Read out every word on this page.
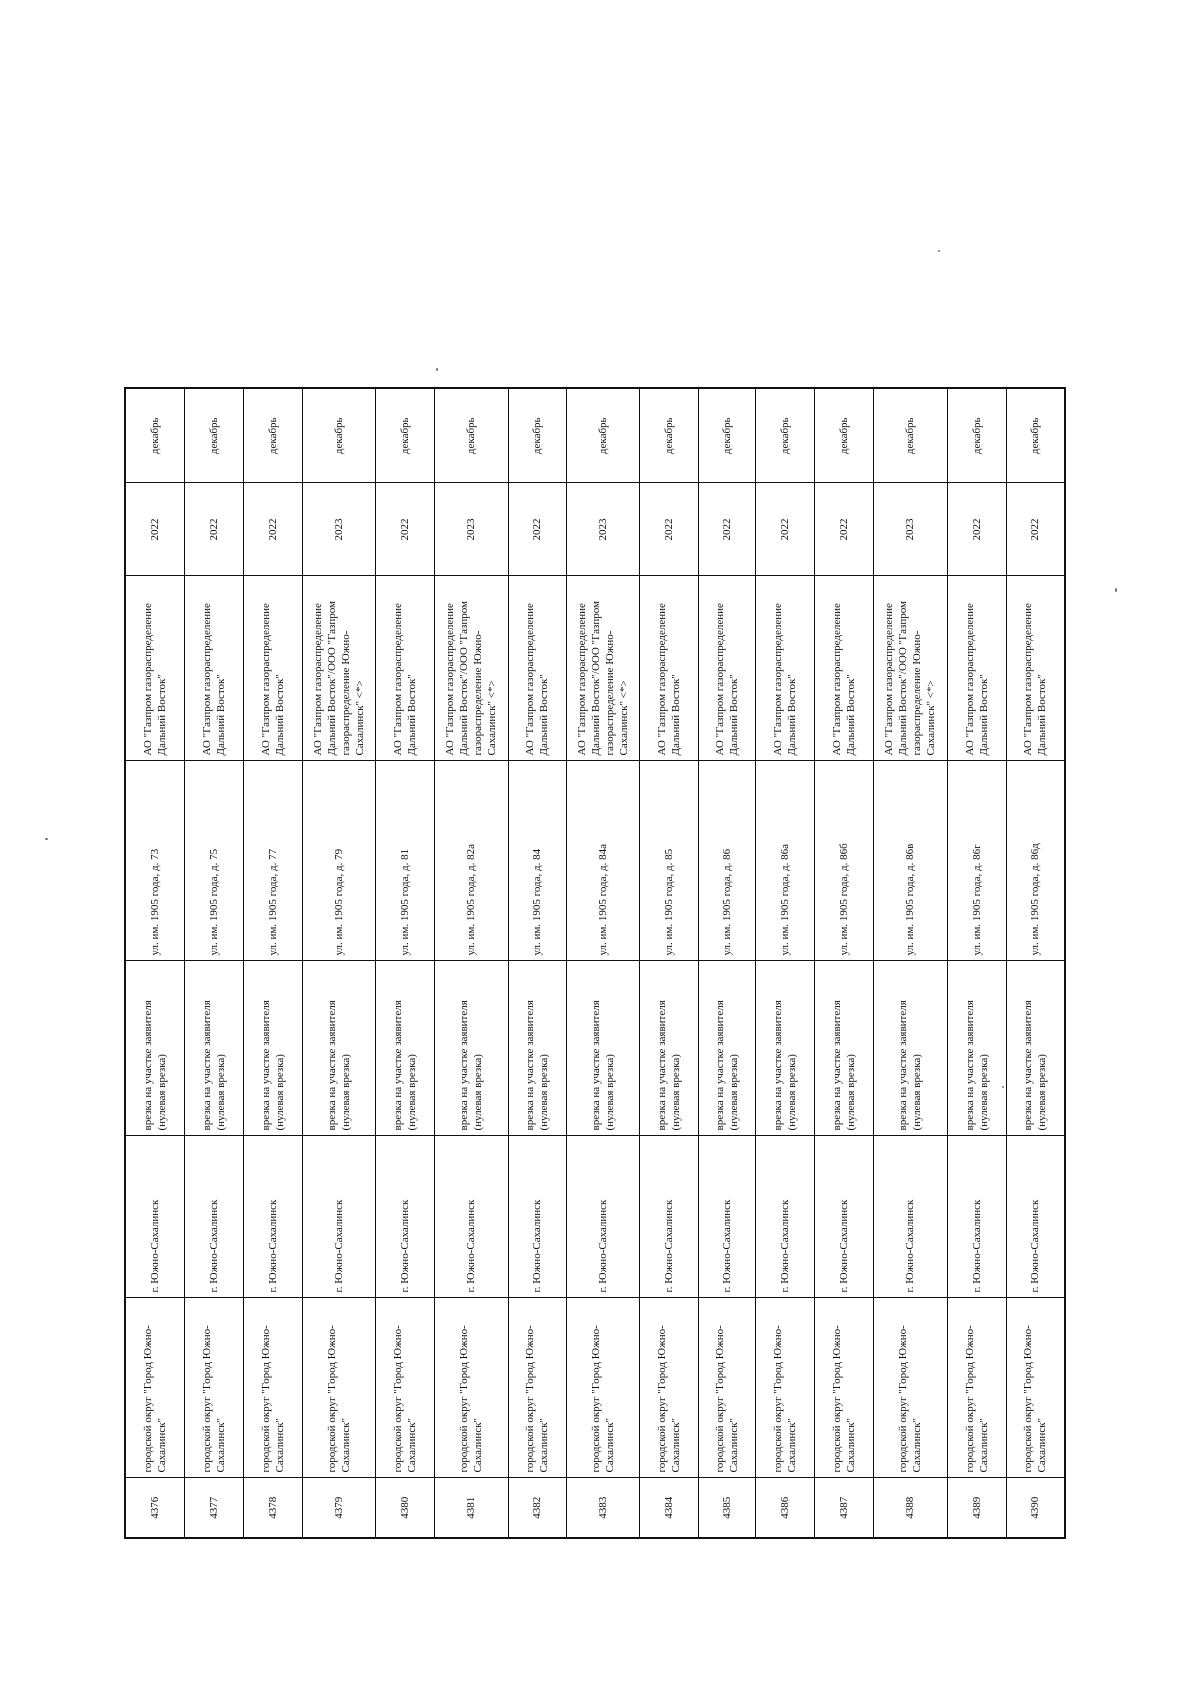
4376	городской округ "Город Южно-Сахалинск"	г. Южно-Сахалинск	врезка на участке заявителя (нулевая врезка)	ул. им. 1905 года, д. 73	АО "Газпром газораспределение Дальний Восток"	2022	декабрь
4377	городской округ "Город Южно-Сахалинск"	г. Южно-Сахалинск	врезка на участке заявителя (нулевая врезка)	ул. им. 1905 года, д. 75	АО "Газпром газораспределение Дальний Восток"	2022	декабрь
4378	городской округ "Город Южно-Сахалинск"	г. Южно-Сахалинск	врезка на участке заявителя (нулевая врезка)	ул. им. 1905 года, д. 77	АО "Газпром газораспределение Дальний Восток"	2022	декабрь
4379	городской округ "Город Южно-Сахалинск"	г. Южно-Сахалинск	врезка на участке заявителя (нулевая врезка)	ул. им. 1905 года, д. 79	АО "Газпром газораспределение Дальний Восток"/ООО "Газпром газораспределение Южно-Сахалинск" <*>	2023	декабрь
4380	городской округ "Город Южно-Сахалинск"	г. Южно-Сахалинск	врезка на участке заявителя (нулевая врезка)	ул. им. 1905 года, д. 81	АО "Газпром газораспределение Дальний Восток"	2022	декабрь
4381	городской округ "Город Южно-Сахалинск"	г. Южно-Сахалинск	врезка на участке заявителя (нулевая врезка)	ул. им. 1905 года, д. 82а	АО "Газпром газораспределение Дальний Восток"/ООО "Газпром газораспределение Южно-Сахалинск" <*>	2023	декабрь
4382	городской округ "Город Южно-Сахалинск"	г. Южно-Сахалинск	врезка на участке заявителя (нулевая врезка)	ул. им. 1905 года, д. 84	АО "Газпром газораспределение Дальний Восток"	2022	декабрь
4383	городской округ "Город Южно-Сахалинск"	г. Южно-Сахалинск	врезка на участке заявителя (нулевая врезка)	ул. им. 1905 года, д. 84а	АО "Газпром газораспределение Дальний Восток"/ООО "Газпром газораспределение Южно-Сахалинск" <*>	2023	декабрь
4384	городской округ "Город Южно-Сахалинск"	г. Южно-Сахалинск	врезка на участке заявителя (нулевая врезка)	ул. им. 1905 года, д. 85	АО "Газпром газораспределение Дальний Восток"	2022	декабрь
4385	городской округ "Город Южно-Сахалинск"	г. Южно-Сахалинск	врезка на участке заявителя (нулевая врезка)	ул. им. 1905 года, д. 86	АО "Газпром газораспределение Дальний Восток"	2022	декабрь
4386	городской округ "Город Южно-Сахалинск"	г. Южно-Сахалинск	врезка на участке заявителя (нулевая врезка)	ул. им. 1905 года, д. 86а	АО "Газпром газораспределение Дальний Восток"	2022	декабрь
4387	городской округ "Город Южно-Сахалинск"	г. Южно-Сахалинск	врезка на участке заявителя (нулевая врезка)	ул. им. 1905 года, д. 86б	АО "Газпром газораспределение Дальний Восток"	2022	декабрь
4388	городской округ "Город Южно-Сахалинск"	г. Южно-Сахалинск	врезка на участке заявителя (нулевая врезка)	ул. им. 1905 года, д. 86в	АО "Газпром газораспределение Дальний Восток"/ООО "Газпром газораспределение Южно-Сахалинск" <*>	2023	декабрь
4389	городской округ "Город Южно-Сахалинск"	г. Южно-Сахалинск	врезка на участке заявителя (нулевая врезка)	ул. им. 1905 года, д. 86г	АО "Газпром газораспределение Дальний Восток"	2022	декабрь
4390	городской округ "Город Южно-Сахалинск"	г. Южно-Сахалинск	врезка на участке заявителя (нулевая врезка)	ул. им. 1905 года, д. 86д	АО "Газпром газораспределение Дальний Восток"	2022	декабрь
